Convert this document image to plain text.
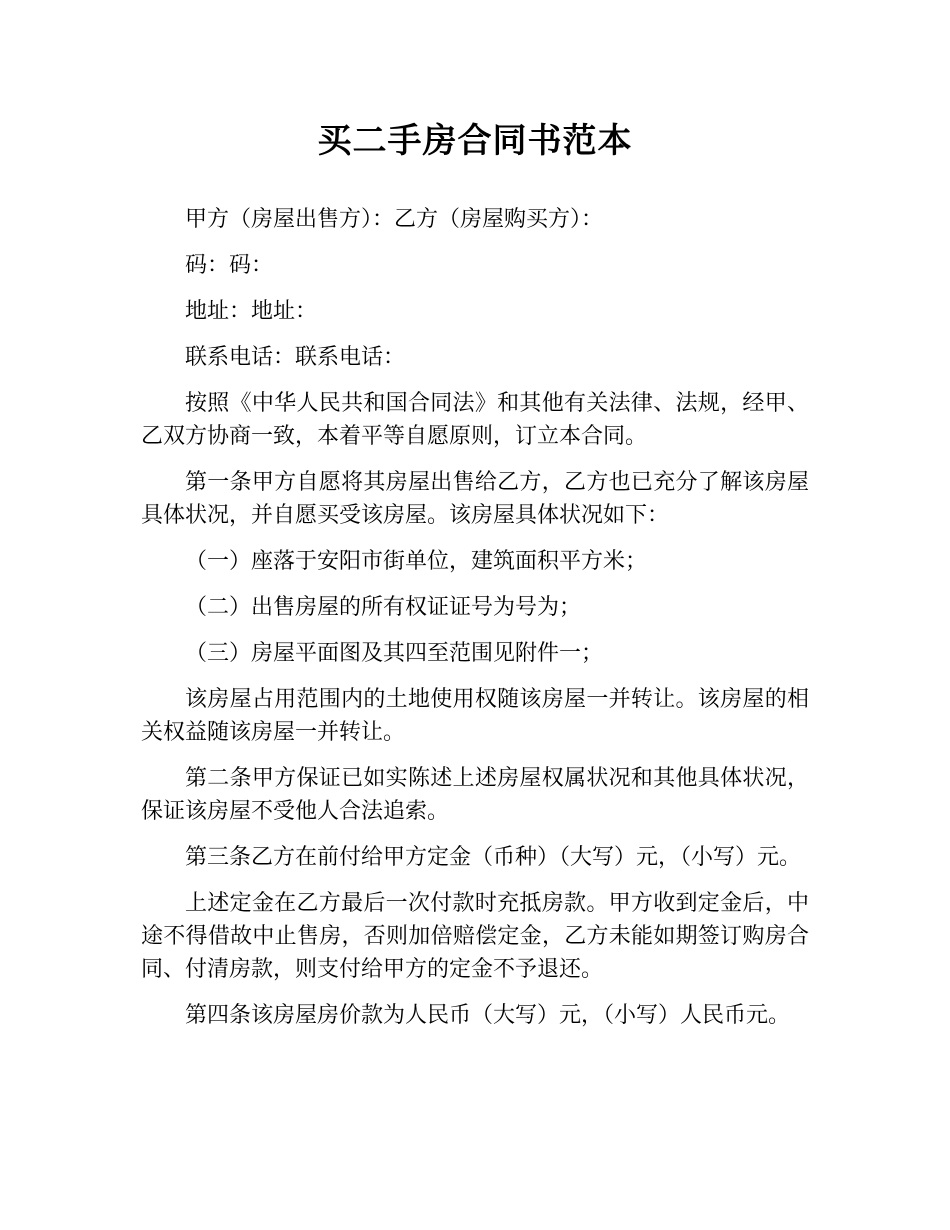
买二手房合同书范本

甲方（房屋出售方）：乙方（房屋购买方）：

码：码：

地址：地址：

联系电话：联系电话：

按照《中华人民共和国合同法》和其他有关法律、法规，经甲、乙双方协商一致，本着平等自愿原则，订立本合同。

第一条甲方自愿将其房屋出售给乙方，乙方也已充分了解该房屋具体状况，并自愿买受该房屋。该房屋具体状况如下：

（一）座落于安阳市街单位，建筑面积平方米；

（二）出售房屋的所有权证证号为号为；

（三）房屋平面图及其四至范围见附件一；

该房屋占用范围内的土地使用权随该房屋一并转让。该房屋的相关权益随该房屋一并转让。

第二条甲方保证已如实陈述上述房屋权属状况和其他具体状况，保证该房屋不受他人合法追索。

第三条乙方在前付给甲方定金（币种）（大写）元，（小写）元。

上述定金在乙方最后一次付款时充抵房款。甲方收到定金后，中途不得借故中止售房，否则加倍赔偿定金，乙方未能如期签订购房合同、付清房款，则支付给甲方的定金不予退还。

第四条该房屋房价款为人民币（大写）元，（小写）人民币元。
